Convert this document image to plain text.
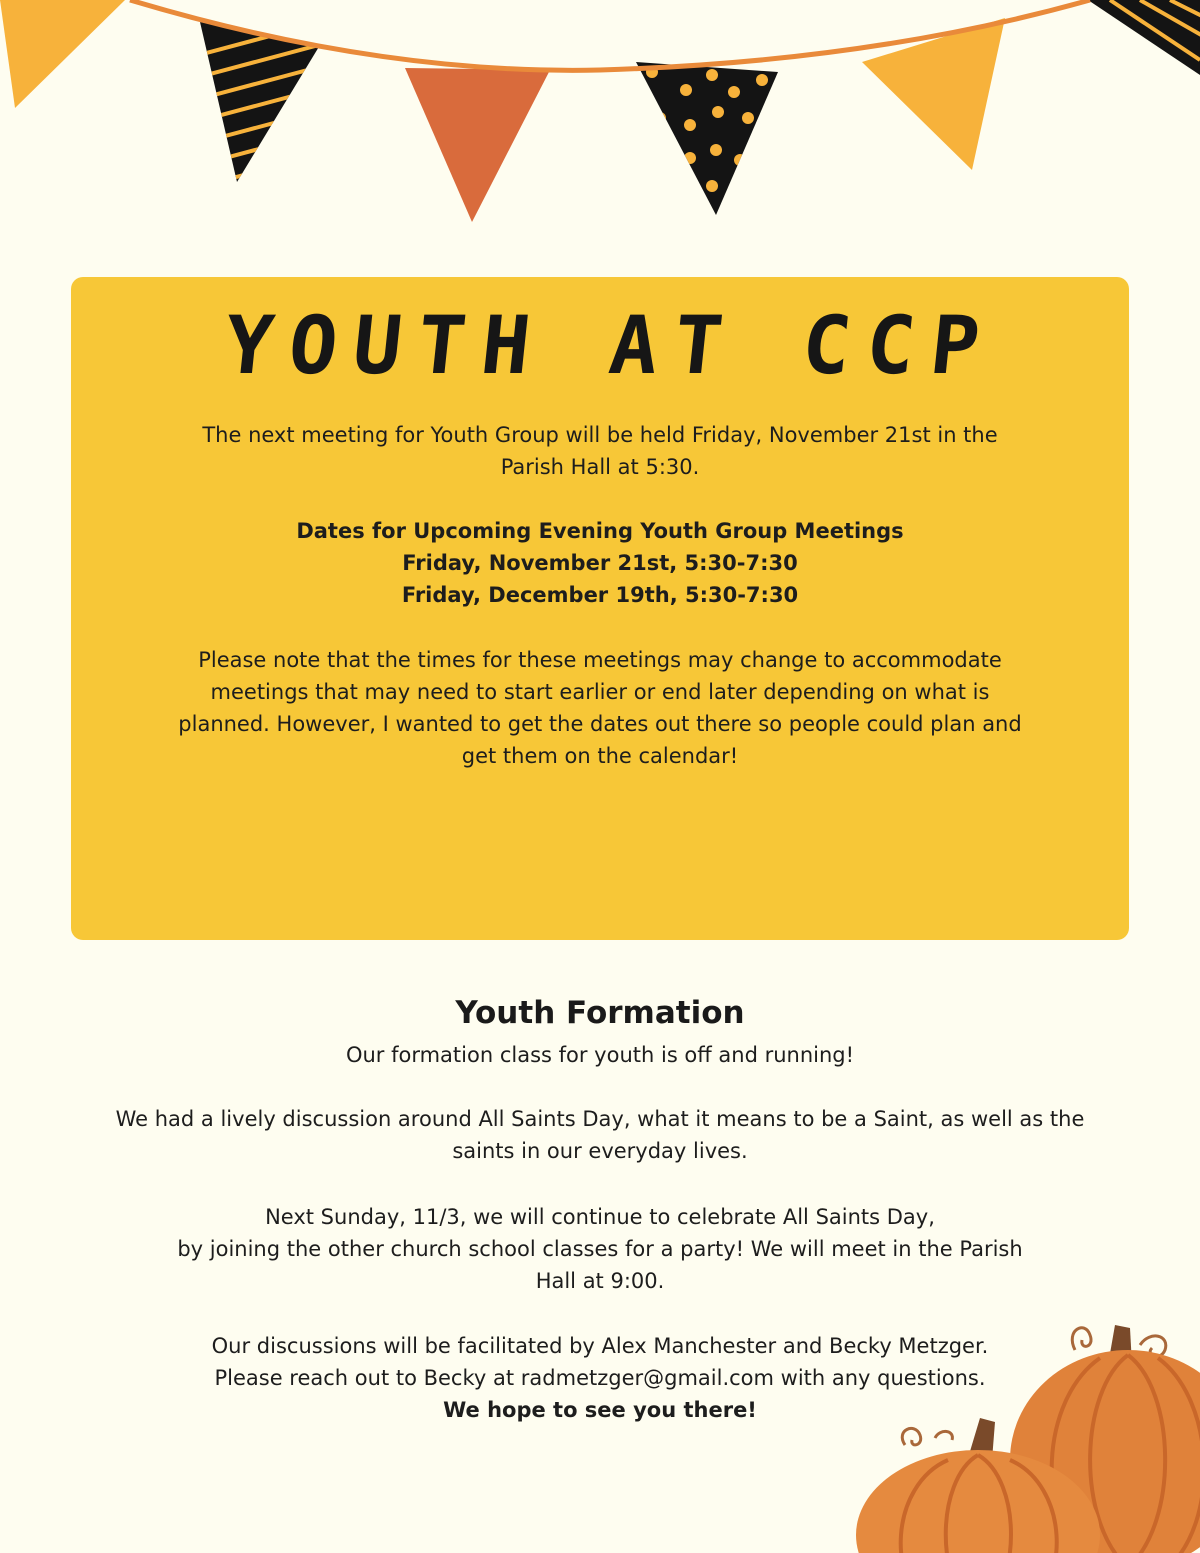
YOUTH AT CCP

The next meeting for Youth Group will be held Friday, November 21st in the
Parish Hall at 5:30.

Dates for Upcoming Evening Youth Group Meetings
Friday, November 21st, 5:30-7:30
Friday, December 19th, 5:30-7:30

Please note that the times for these meetings may change to accommodate
meetings that may need to start earlier or end later depending on what is
planned. However, I wanted to get the dates out there so people could plan and
get them on the calendar!

Youth Formation

Our formation class for youth is off and running!

We had a lively discussion around All Saints Day, what it means to be a Saint, as well as the
saints in our everyday lives.

Next Sunday, 11/3, we will continue to celebrate All Saints Day,
by joining the other church school classes for a party! We will meet in the Parish
Hall at 9:00.

Our discussions will be facilitated by Alex Manchester and Becky Metzger.
Please reach out to Becky at radmetzger@gmail.com with any questions.
We hope to see you there!
